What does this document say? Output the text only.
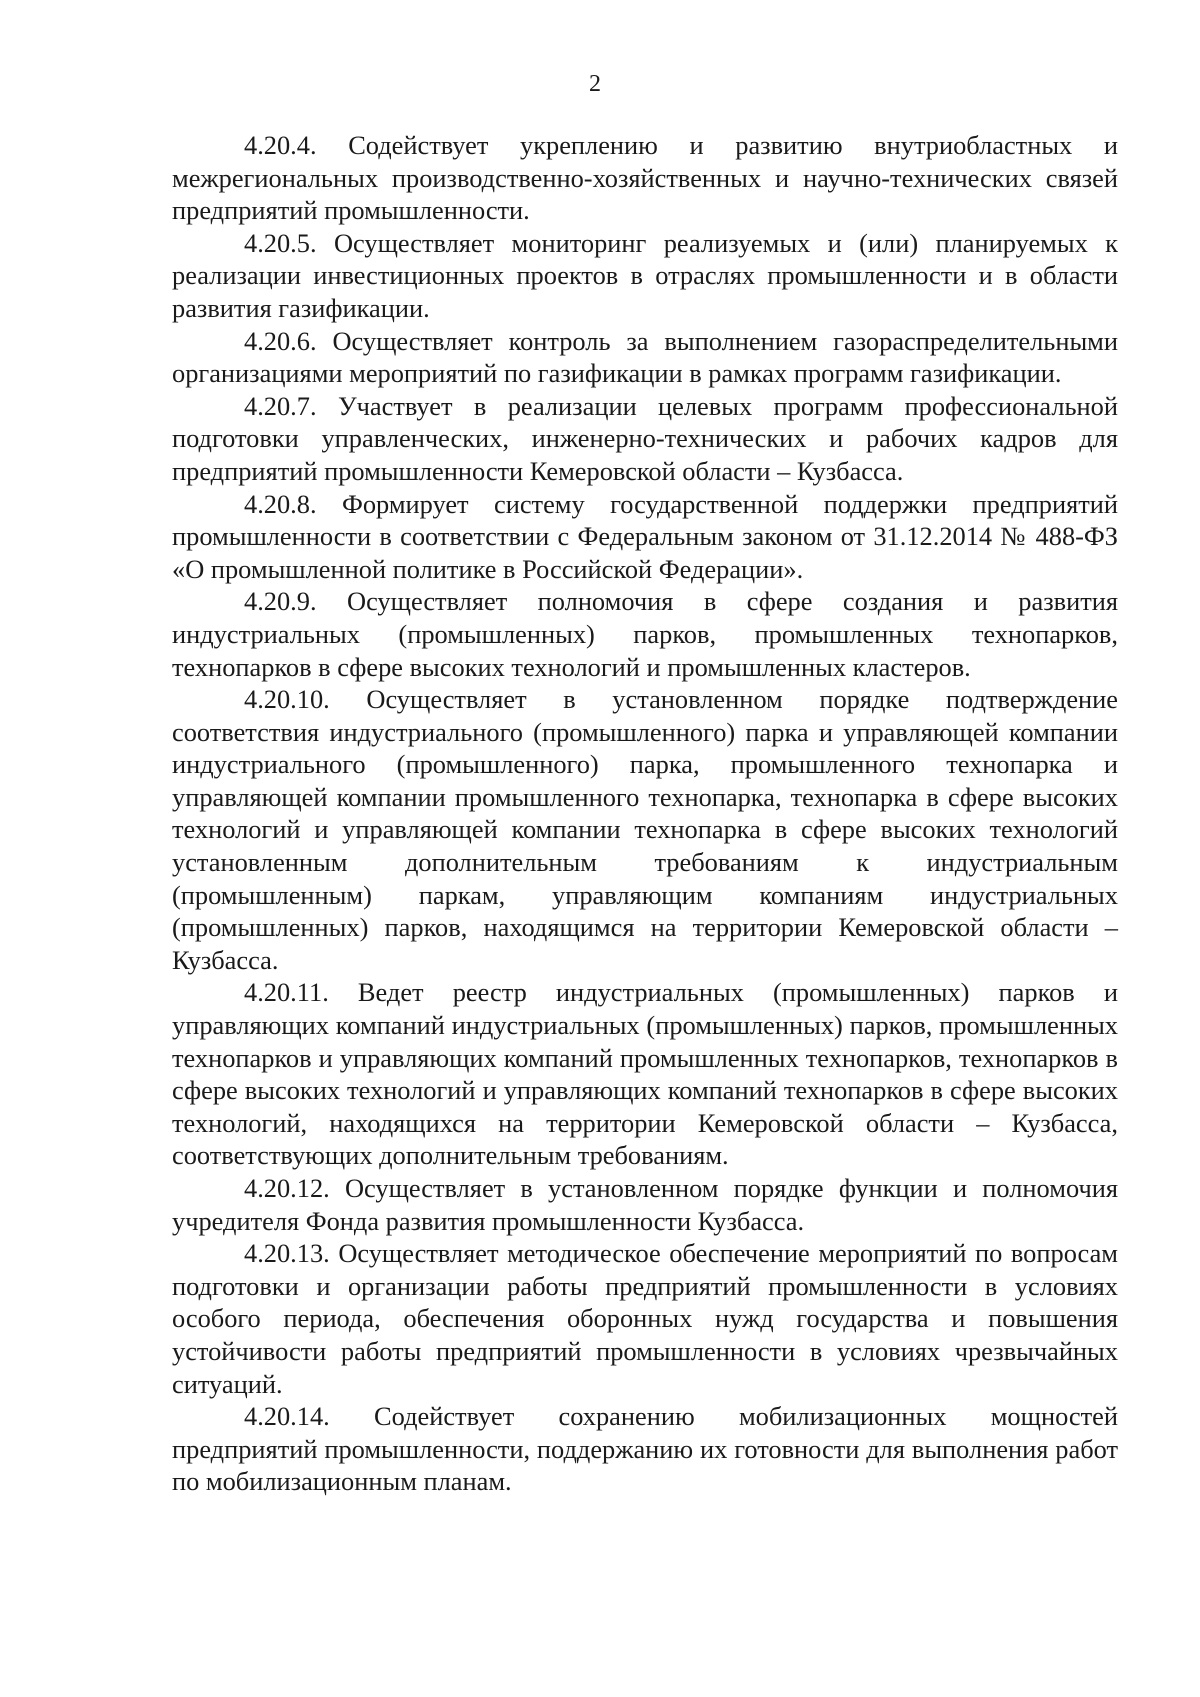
2

4.20.4. Содействует укреплению и развитию внутриобластных и межрегиональных производственно-хозяйственных и научно-технических связей предприятий промышленности.

4.20.5. Осуществляет мониторинг реализуемых и (или) планируемых к реализации инвестиционных проектов в отраслях промышленности и в области развития газификации.

4.20.6. Осуществляет контроль за выполнением газораспределительными организациями мероприятий по газификации в рамках программ газификации.

4.20.7. Участвует в реализации целевых программ профессиональной подготовки управленческих, инженерно-технических и рабочих кадров для предприятий промышленности Кемеровской области – Кузбасса.

4.20.8. Формирует систему государственной поддержки предприятий промышленности в соответствии с Федеральным законом от 31.12.2014 № 488-ФЗ «О промышленной политике в Российской Федерации».

4.20.9. Осуществляет полномочия в сфере создания и развития индустриальных (промышленных) парков, промышленных технопарков, технопарков в сфере высоких технологий и промышленных кластеров.

4.20.10. Осуществляет в установленном порядке подтверждение соответствия индустриального (промышленного) парка и управляющей компании индустриального (промышленного) парка, промышленного технопарка и управляющей компании промышленного технопарка, технопарка в сфере высоких технологий и управляющей компании технопарка в сфере высоких технологий установленным дополнительным требованиям к индустриальным (промышленным) паркам, управляющим компаниям индустриальных (промышленных) парков, находящимся на территории Кемеровской области – Кузбасса.

4.20.11. Ведет реестр индустриальных (промышленных) парков и управляющих компаний индустриальных (промышленных) парков, промышленных технопарков и управляющих компаний промышленных технопарков, технопарков в сфере высоких технологий и управляющих компаний технопарков в сфере высоких технологий, находящихся на территории Кемеровской области – Кузбасса, соответствующих дополнительным требованиям.

4.20.12. Осуществляет в установленном порядке функции и полномочия учредителя Фонда развития промышленности Кузбасса.

4.20.13. Осуществляет методическое обеспечение мероприятий по вопросам подготовки и организации работы предприятий промышленности в условиях особого периода, обеспечения оборонных нужд государства и повышения устойчивости работы предприятий промышленности в условиях чрезвычайных ситуаций.

4.20.14. Содействует сохранению мобилизационных мощностей предприятий промышленности, поддержанию их готовности для выполнения работ по мобилизационным планам.
